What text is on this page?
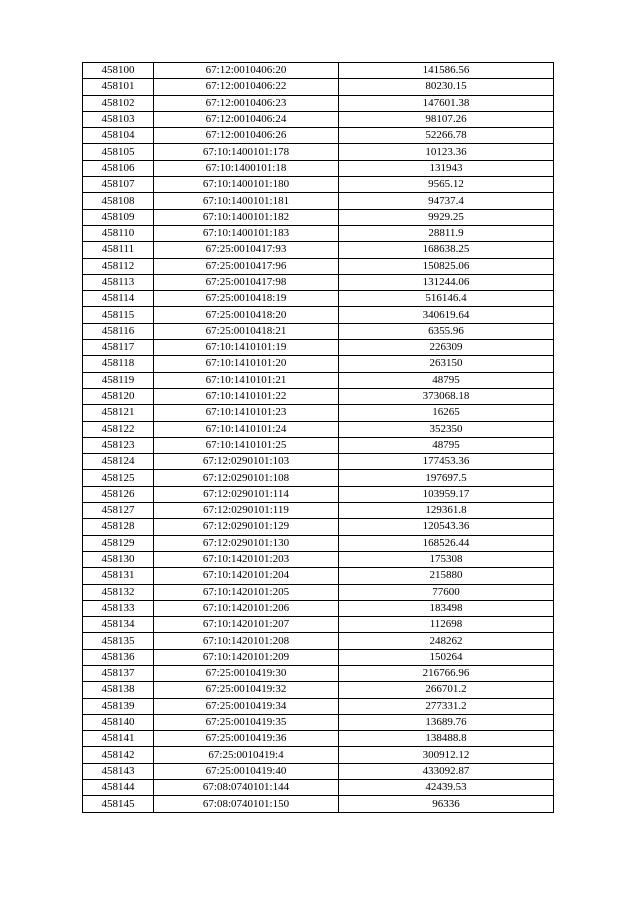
458100	67:12:0010406:20	141586.56
458101	67:12:0010406:22	80230.15
458102	67:12:0010406:23	147601.38
458103	67:12:0010406:24	98107.26
458104	67:12:0010406:26	52266.78
458105	67:10:1400101:178	10123.36
458106	67:10:1400101:18	131943
458107	67:10:1400101:180	9565.12
458108	67:10:1400101:181	94737.4
458109	67:10:1400101:182	9929.25
458110	67:10:1400101:183	28811.9
458111	67:25:0010417:93	168638.25
458112	67:25:0010417:96	150825.06
458113	67:25:0010417:98	131244.06
458114	67:25:0010418:19	516146.4
458115	67:25:0010418:20	340619.64
458116	67:25:0010418:21	6355.96
458117	67:10:1410101:19	226309
458118	67:10:1410101:20	263150
458119	67:10:1410101:21	48795
458120	67:10:1410101:22	373068.18
458121	67:10:1410101:23	16265
458122	67:10:1410101:24	352350
458123	67:10:1410101:25	48795
458124	67:12:0290101:103	177453.36
458125	67:12:0290101:108	197697.5
458126	67:12:0290101:114	103959.17
458127	67:12:0290101:119	129361.8
458128	67:12:0290101:129	120543.36
458129	67:12:0290101:130	168526.44
458130	67:10:1420101:203	175308
458131	67:10:1420101:204	215880
458132	67:10:1420101:205	77600
458133	67:10:1420101:206	183498
458134	67:10:1420101:207	112698
458135	67:10:1420101:208	248262
458136	67:10:1420101:209	150264
458137	67:25:0010419:30	216766.96
458138	67:25:0010419:32	266701.2
458139	67:25:0010419:34	277331.2
458140	67:25:0010419:35	13689.76
458141	67:25:0010419:36	138488.8
458142	67:25:0010419:4	300912.12
458143	67:25:0010419:40	433092.87
458144	67:08:0740101:144	42439.53
458145	67:08:0740101:150	96336
